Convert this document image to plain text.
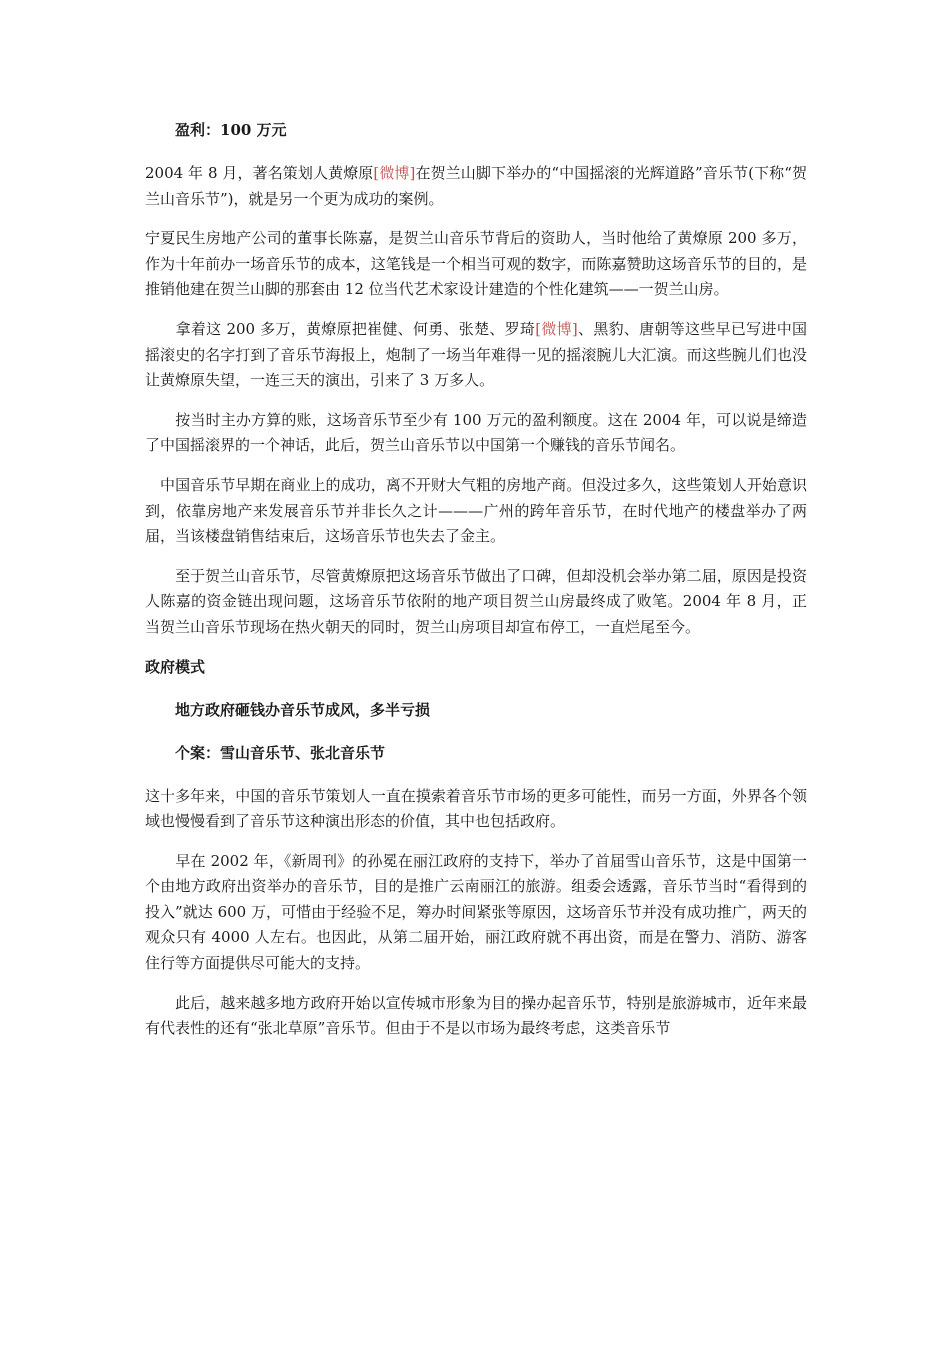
　　盈利：100 万元

2004 年 8 月，著名策划人黄燎原[微博]在贺兰山脚下举办的“中国摇滚的光辉道路”音乐节(下称“贺兰山音乐节”)，就是另一个更为成功的案例。

宁夏民生房地产公司的董事长陈嘉，是贺兰山音乐节背后的资助人，当时他给了黄燎原 200 多万，作为十年前办一场音乐节的成本，这笔钱是一个相当可观的数字，而陈嘉赞助这场音乐节的目的，是推销他建在贺兰山脚的那套由 12 位当代艺术家设计建造的个性化建筑——一贺兰山房。

　　拿着这 200 多万，黄燎原把崔健、何勇、张楚、罗琦[微博]、黑豹、唐朝等这些早已写进中国摇滚史的名字打到了音乐节海报上，炮制了一场当年难得一见的摇滚腕儿大汇演。而这些腕儿们也没让黄燎原失望，一连三天的演出，引来了 3 万多人。

　　按当时主办方算的账，这场音乐节至少有 100 万元的盈利额度。这在 2004 年，可以说是缔造了中国摇滚界的一个神话，此后，贺兰山音乐节以中国第一个赚钱的音乐节闻名。

　中国音乐节早期在商业上的成功，离不开财大气粗的房地产商。但没过多久，这些策划人开始意识到，依靠房地产来发展音乐节并非长久之计———广州的跨年音乐节，在时代地产的楼盘举办了两届，当该楼盘销售结束后，这场音乐节也失去了金主。

　　至于贺兰山音乐节，尽管黄燎原把这场音乐节做出了口碑，但却没机会举办第二届，原因是投资人陈嘉的资金链出现问题，这场音乐节依附的地产项目贺兰山房最终成了败笔。2004 年 8 月，正当贺兰山音乐节现场在热火朝天的同时，贺兰山房项目却宣布停工，一直烂尾至今。

政府模式
　　地方政府砸钱办音乐节成风，多半亏损
　　个案：雪山音乐节、张北音乐节

这十多年来，中国的音乐节策划人一直在摸索着音乐节市场的更多可能性，而另一方面，外界各个领域也慢慢看到了音乐节这种演出形态的价值，其中也包括政府。

　　早在 2002 年，《新周刊》的孙冕在丽江政府的支持下，举办了首届雪山音乐节，这是中国第一个由地方政府出资举办的音乐节，目的是推广云南丽江的旅游。组委会透露，音乐节当时“看得到的投入”就达 600 万，可惜由于经验不足，筹办时间紧张等原因，这场音乐节并没有成功推广，两天的观众只有 4000 人左右。也因此，从第二届开始，丽江政府就不再出资，而是在警力、消防、游客住行等方面提供尽可能大的支持。

　　此后，越来越多地方政府开始以宣传城市形象为目的操办起音乐节，特别是旅游城市，近年来最有代表性的还有“张北草原”音乐节。但由于不是以市场为最终考虑，这类音乐节
